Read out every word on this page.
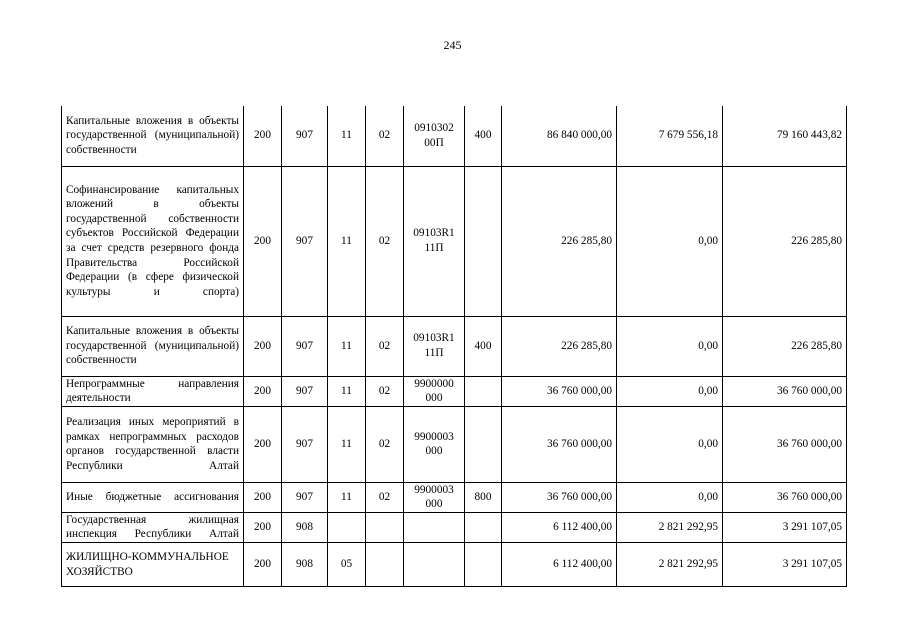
245
Капитальные вложения в объекты государственной (муниципальной) собственности	200	907	11	02	0910302 00П	400	86 840 000,00	7 679 556,18	79 160 443,82
Софинансирование капитальных вложений в объекты государственной собственности субъектов Российской Федерации за счет средств резервного фонда Правительства Российской Федерации (в сфере физической культуры и спорта)	200	907	11	02	09103R1 11П		226 285,80	0,00	226 285,80
Капитальные вложения в объекты государственной (муниципальной) собственности	200	907	11	02	09103R1 11П	400	226 285,80	0,00	226 285,80
Непрограммные направления деятельности	200	907	11	02	9900000 000		36 760 000,00	0,00	36 760 000,00
Реализация иных мероприятий в рамках непрограммных расходов органов государственной власти Республики Алтай	200	907	11	02	9900003 000		36 760 000,00	0,00	36 760 000,00
Иные бюджетные ассигнования	200	907	11	02	9900003 000	800	36 760 000,00	0,00	36 760 000,00
Государственная жилищная инспекция Республики Алтай	200	908					6 112 400,00	2 821 292,95	3 291 107,05
ЖИЛИЩНО-КОММУНАЛЬНОЕ ХОЗЯЙСТВО	200	908	05				6 112 400,00	2 821 292,95	3 291 107,05
